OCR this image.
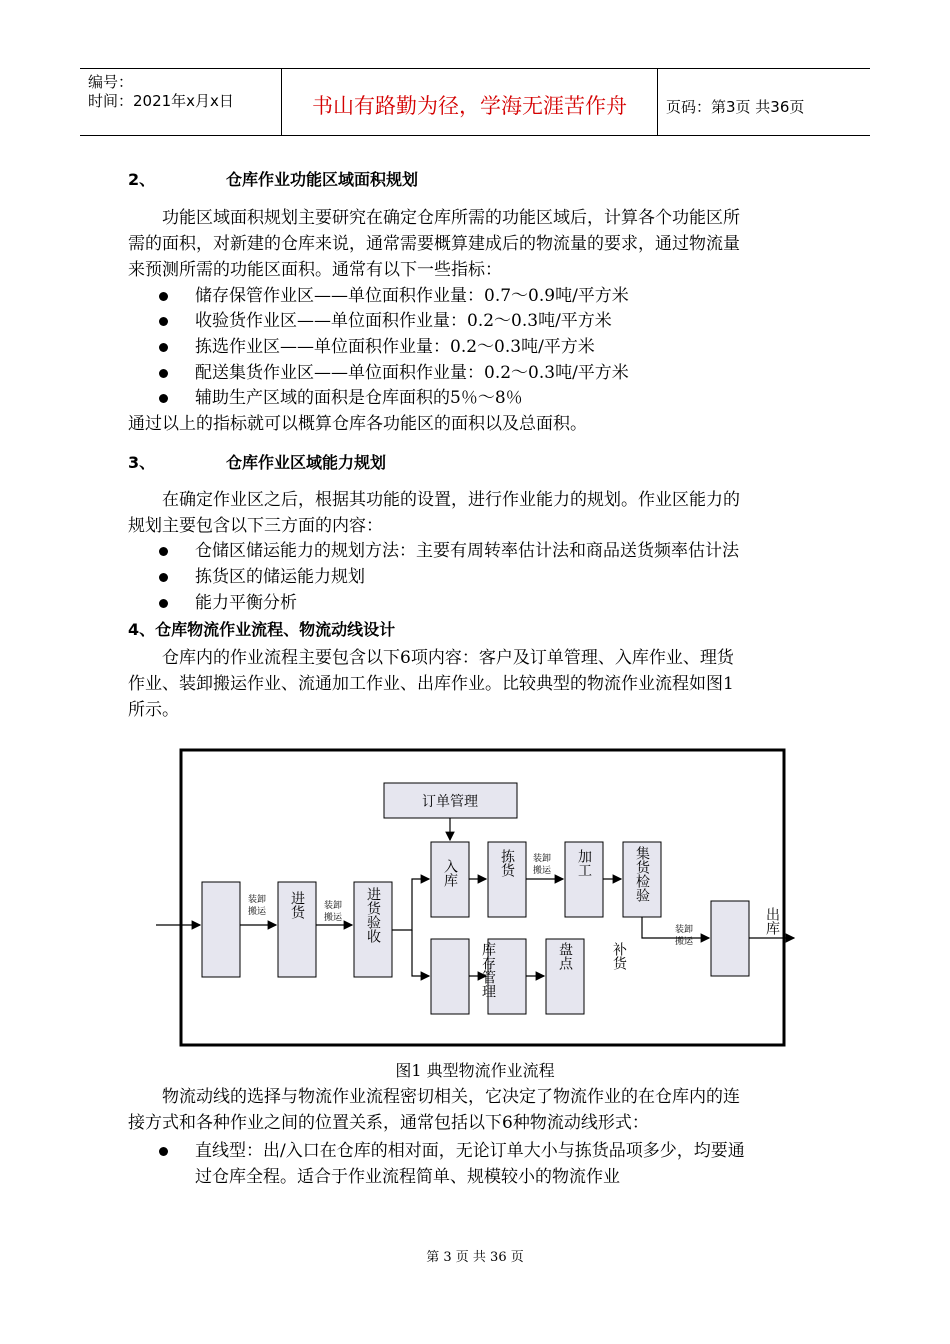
编号：
时间：2021年x月x日	书山有路勤为径，学海无涯苦作舟	页码：第3页 共36页
2、	仓库作业功能区域面积规划
功能区域面积规划主要研究在确定仓库所需的功能区域后，计算各个功能区所
需的面积，对新建的仓库来说，通常需要概算建成后的物流量的要求，通过物流量
来预测所需的功能区面积。通常有以下一些指标：
储存保管作业区——单位面积作业量：0.7～0.9吨/平方米
收验货作业区——单位面积作业量：0.2～0.3吨/平方米
拣选作业区——单位面积作业量：0.2～0.3吨/平方米
配送集货作业区——单位面积作业量：0.2～0.3吨/平方米
辅助生产区域的面积是仓库面积的5％～8％
通过以上的指标就可以概算仓库各功能区的面积以及总面积。
3、	仓库作业区域能力规划
在确定作业区之后，根据其功能的设置，进行作业能力的规划。作业区能力的
规划主要包含以下三方面的内容：
仓储区储运能力的规划方法：主要有周转率估计法和商品送货频率估计法
拣货区的储运能力规划
能力平衡分析
4、仓库物流作业流程、物流动线设计
仓库内的作业流程主要包含以下6项内容：客户及订单管理、入库作业、理货
作业、装卸搬运作业、流通加工作业、出库作业。比较典型的物流作业流程如图1
所示。
订单管理
装卸
搬运
装卸
搬运
装卸
搬运
装卸
搬运
进货	进货验收
入库	拣货	加工	集货检验
库存管理	盘点	补货
出库
图1 典型物流作业流程
物流动线的选择与物流作业流程密切相关，它决定了物流作业的在仓库内的连
接方式和各种作业之间的位置关系，通常包括以下6种物流动线形式：
直线型：出/入口在仓库的相对面，无论订单大小与拣货品项多少，均要通
过仓库全程。适合于作业流程简单、规模较小的物流作业
第 3 页 共 36 页
